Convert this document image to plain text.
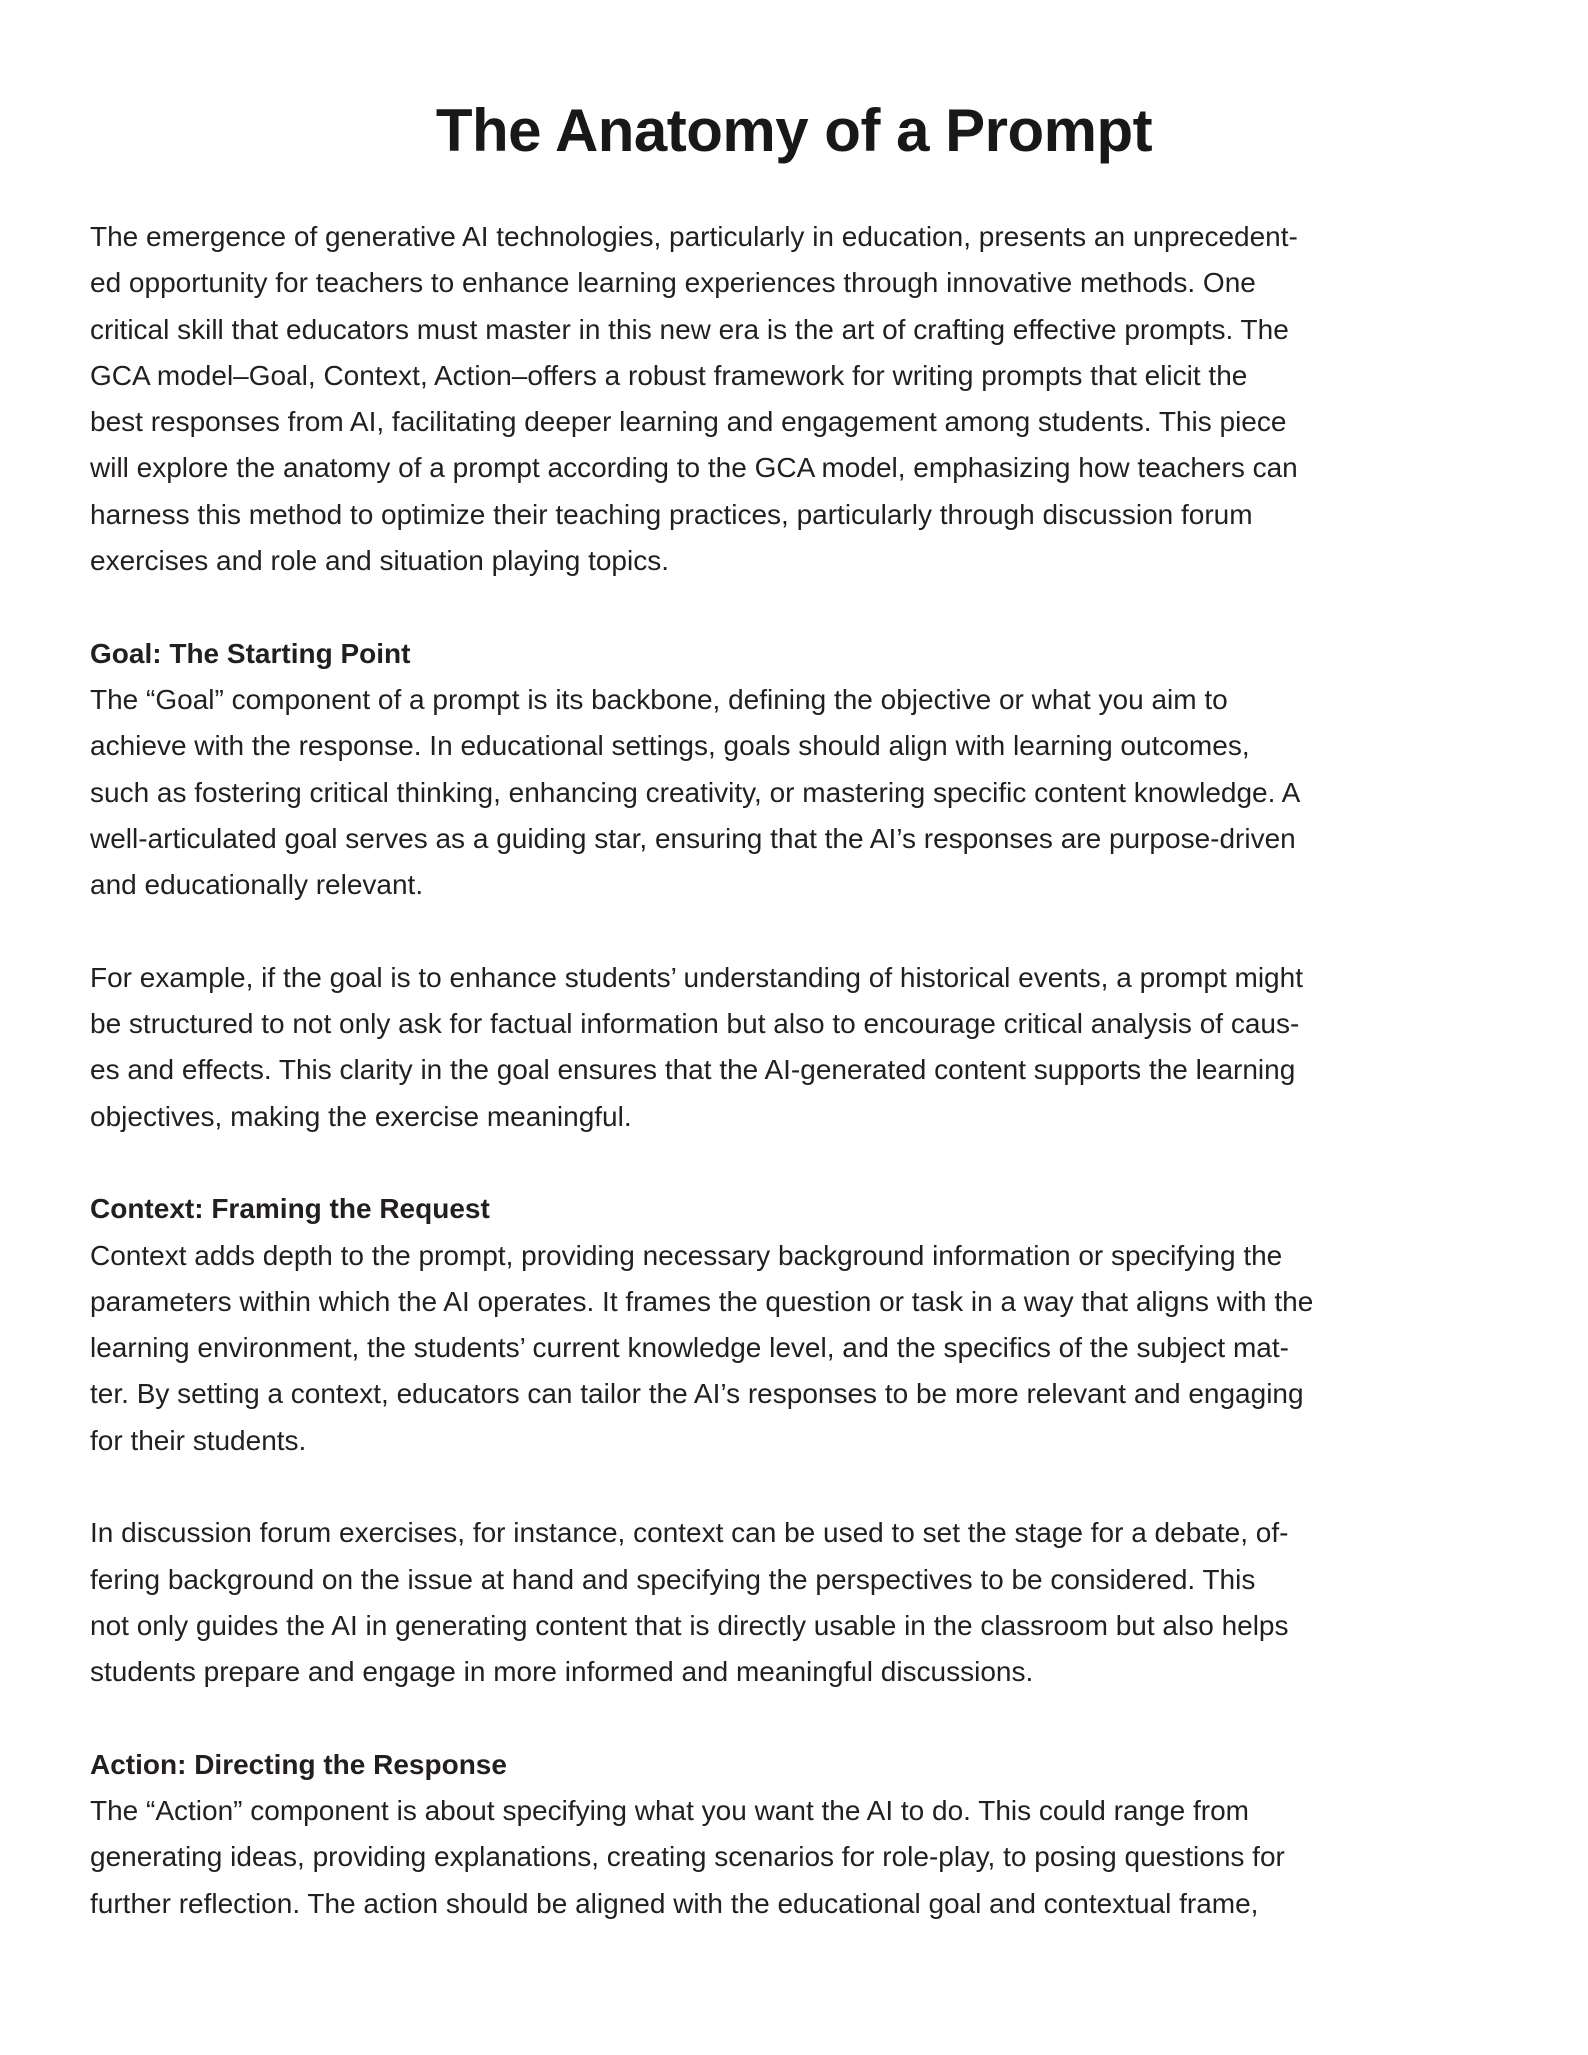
The Anatomy of a Prompt
The emergence of generative AI technologies, particularly in education, presents an unprecedent-
ed opportunity for teachers to enhance learning experiences through innovative methods. One
critical skill that educators must master in this new era is the art of crafting effective prompts. The
GCA model–Goal, Context, Action–offers a robust framework for writing prompts that elicit the
best responses from AI, facilitating deeper learning and engagement among students. This piece
will explore the anatomy of a prompt according to the GCA model, emphasizing how teachers can
harness this method to optimize their teaching practices, particularly through discussion forum
exercises and role and situation playing topics.
Goal: The Starting Point
The “Goal” component of a prompt is its backbone, defining the objective or what you aim to
achieve with the response. In educational settings, goals should align with learning outcomes,
such as fostering critical thinking, enhancing creativity, or mastering specific content knowledge. A
well-articulated goal serves as a guiding star, ensuring that the AI’s responses are purpose-driven
and educationally relevant.
For example, if the goal is to enhance students’ understanding of historical events, a prompt might
be structured to not only ask for factual information but also to encourage critical analysis of caus-
es and effects. This clarity in the goal ensures that the AI-generated content supports the learning
objectives, making the exercise meaningful.
Context: Framing the Request
Context adds depth to the prompt, providing necessary background information or specifying the
parameters within which the AI operates. It frames the question or task in a way that aligns with the
learning environment, the students’ current knowledge level, and the specifics of the subject mat-
ter. By setting a context, educators can tailor the AI’s responses to be more relevant and engaging
for their students.
In discussion forum exercises, for instance, context can be used to set the stage for a debate, of-
fering background on the issue at hand and specifying the perspectives to be considered. This
not only guides the AI in generating content that is directly usable in the classroom but also helps
students prepare and engage in more informed and meaningful discussions.
Action: Directing the Response
The “Action” component is about specifying what you want the AI to do. This could range from
generating ideas, providing explanations, creating scenarios for role-play, to posing questions for
further reflection. The action should be aligned with the educational goal and contextual frame,
